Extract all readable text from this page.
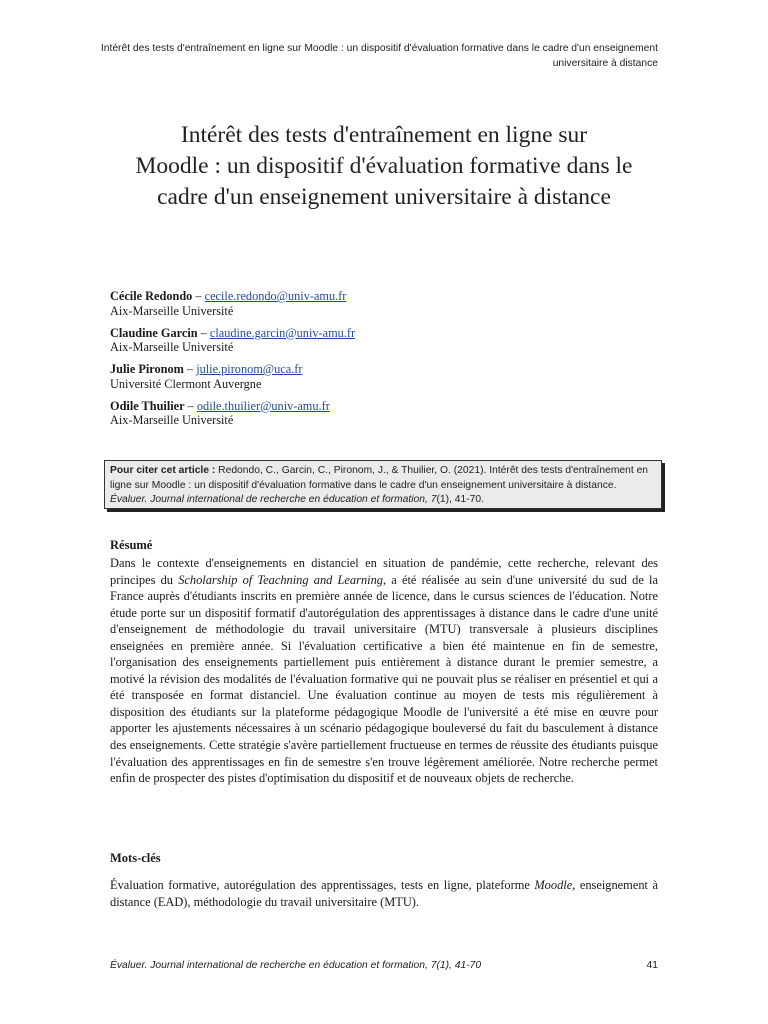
Intérêt des tests d'entraînement en ligne sur Moodle : un dispositif d'évaluation formative dans le cadre d'un enseignement universitaire à distance
Intérêt des tests d'entraînement en ligne sur
Moodle : un dispositif d'évaluation formative dans le
cadre d'un enseignement universitaire à distance

Cécile Redondo – cecile.redondo@univ-amu.fr

Aix-Marseille Université

Claudine Garcin – claudine.garcin@univ-amu.fr

Aix-Marseille Université

Julie Pironom – julie.pironom@uca.fr

Université Clermont Auvergne

Odile Thuilier – odile.thuilier@univ-amu.fr

Aix-Marseille Université

Pour citer cet article : Redondo, C., Garcin, C., Pironom, J., & Thuilier, O. (2021). Intérêt des tests d'entraînement en ligne sur Moodle : un dispositif d'évaluation formative dans le cadre d'un enseignement universitaire à distance. Évaluer. Journal international de recherche en éducation et formation, 7(1), 41-70.
Résumé
Dans le contexte d'enseignements en distanciel en situation de pandémie, cette recherche, relevant des principes du Scholarship of Teachning and Learning, a été réalisée au sein d'une université du sud de la France auprès d'étudiants inscrits en première année de licence, dans le cursus sciences de l'éducation. Notre étude porte sur un dispositif formatif d'autorégulation des apprentissages à distance dans le cadre d'une unité d'enseignement de méthodologie du travail universitaire (MTU) transversale à plusieurs disciplines enseignées en première année. Si l'évaluation certificative a bien été maintenue en fin de semestre, l'organisation des enseignements partiellement puis entièrement à distance durant le premier semestre, a motivé la révision des modalités de l'évaluation formative qui ne pouvait plus se réaliser en présentiel et qui a été transposée en format distanciel. Une évaluation continue au moyen de tests mis régulièrement à disposition des étudiants sur la plateforme pédagogique Moodle de l'université a été mise en œuvre pour apporter les ajustements nécessaires à un scénario pédagogique bouleversé du fait du basculement à distance des enseignements. Cette stratégie s'avère partiellement fructueuse en termes de réussite des étudiants puisque l'évaluation des apprentissages en fin de semestre s'en trouve légèrement améliorée. Notre recherche permet enfin de prospecter des pistes d'optimisation du dispositif et de nouveaux objets de recherche.
Mots-clés
Évaluation formative, autorégulation des apprentissages, tests en ligne, plateforme Moodle, enseignement à distance (EAD), méthodologie du travail universitaire (MTU).
Évaluer. Journal international de recherche en éducation et formation, 7(1), 41-70	41
